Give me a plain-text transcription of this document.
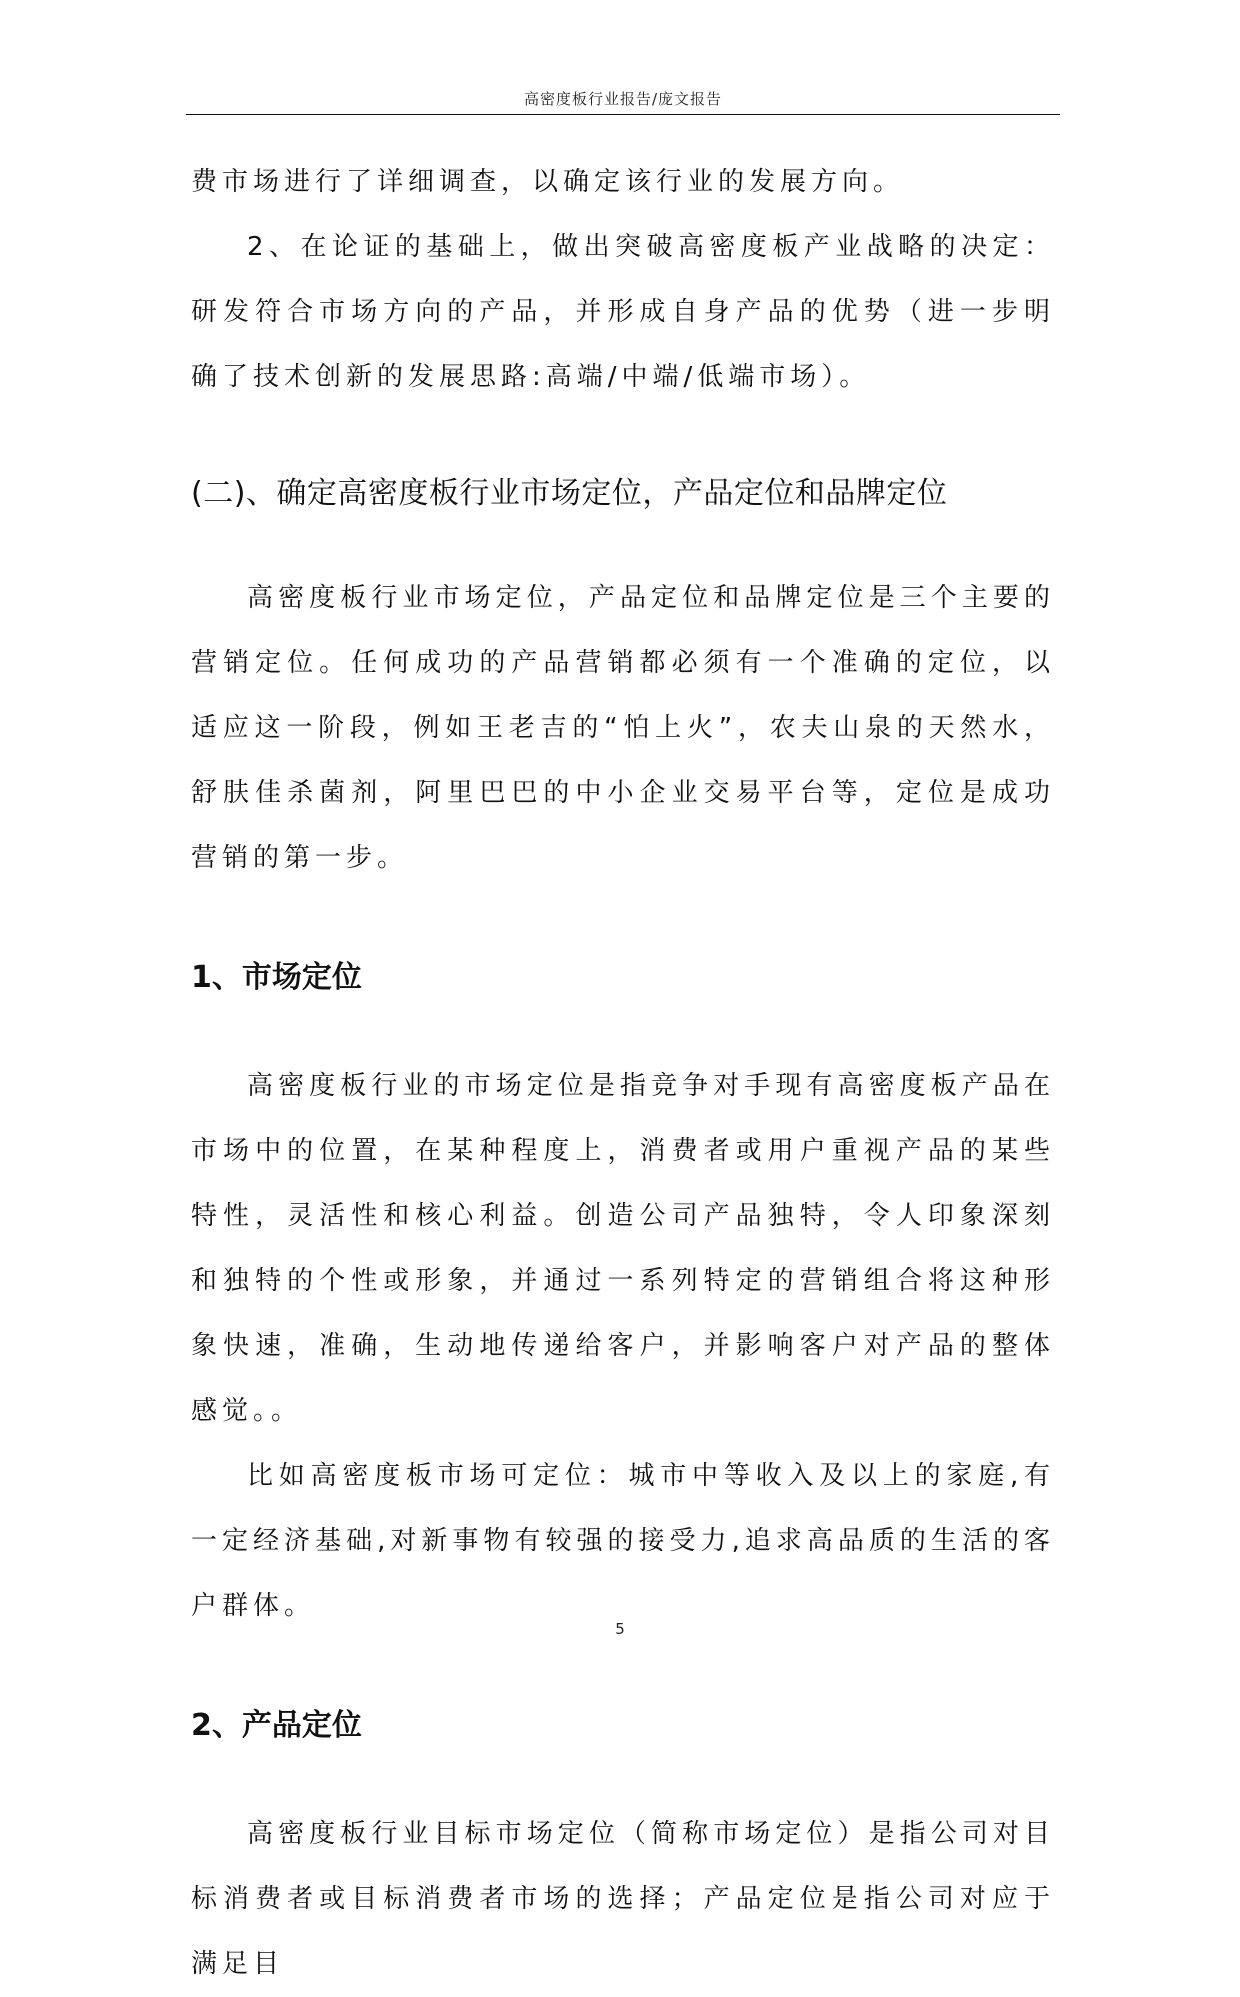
高密度板行业报告/庞文报告

费市场进行了详细调查，以确定该行业的发展方向。

2、在论证的基础上，做出突破高密度板产业战略的决定：研发符合市场方向的产品，并形成自身产品的优势（进一步明确了技术创新的发展思路:高端/中端/低端市场）。

(二)、确定高密度板行业市场定位，产品定位和品牌定位

高密度板行业市场定位，产品定位和品牌定位是三个主要的营销定位。任何成功的产品营销都必须有一个准确的定位，以适应这一阶段，例如王老吉的“怕上火”，农夫山泉的天然水，舒肤佳杀菌剂，阿里巴巴的中小企业交易平台等，定位是成功营销的第一步。

1、市场定位

高密度板行业的市场定位是指竞争对手现有高密度板产品在市场中的位置，在某种程度上，消费者或用户重视产品的某些特性，灵活性和核心利益。创造公司产品独特，令人印象深刻和独特的个性或形象，并通过一系列特定的营销组合将这种形象快速，准确，生动地传递给客户，并影响客户对产品的整体感觉。。

比如高密度板市场可定位：城市中等收入及以上的家庭,有一定经济基础,对新事物有较强的接受力,追求高品质的生活的客户群体。

2、产品定位

高密度板行业目标市场定位（简称市场定位）是指公司对目标消费者或目标消费者市场的选择；产品定位是指公司对应于满足目

5
